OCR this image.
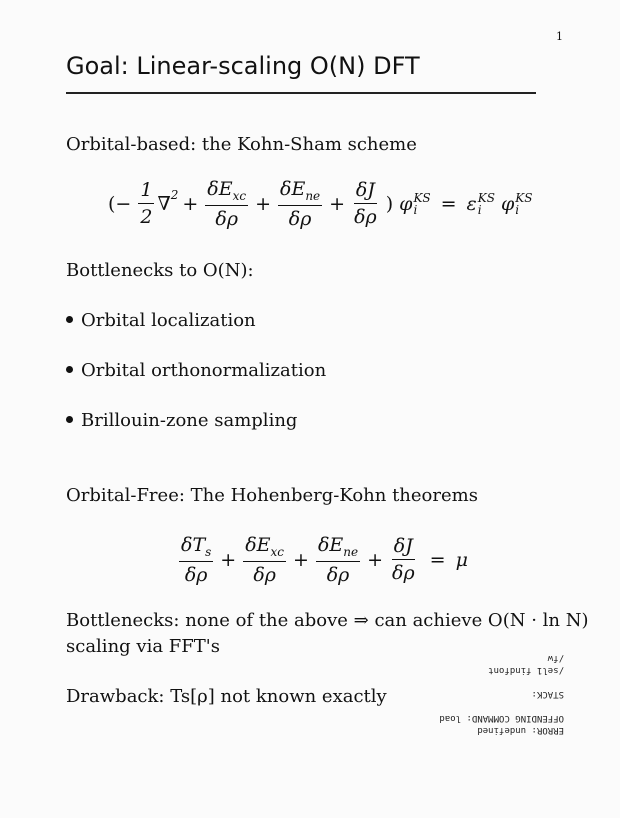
1
Goal: Linear-scaling O(N) DFT
Orbital-based: the Kohn-Sham scheme
(− $\frac{1}{2}$ ∇ $2 + \frac{\delta E_{xc}}{\delta\rho} + \frac{\delta E_{ne}}{\delta\rho} + \frac{\delta J}{\delta\rho}$ ) φ KS
i	= ε KS
i	φ KS
i
Bottlenecks to O(N):
Orbital localization
Orbital orthonormalization
Brillouin-zone sampling
Orbital-Free: The Hohenberg-Kohn theorems
$\frac{\delta T_s}{\delta\rho} + \frac{\delta E_{xc}}{\delta\rho} + \frac{\delta E_{ne}}{\delta\rho} + \frac{\delta J}{\delta\rho} = \mu$
Bottlenecks: none of the above ⇒ can achieve O(N · ln N)
scaling via FFT's
Drawback: Ts[ρ] not known exactly
ERROR: undefined
OFFENDING COMMAND: load

STACK:

/sel1 findfont
/fw
